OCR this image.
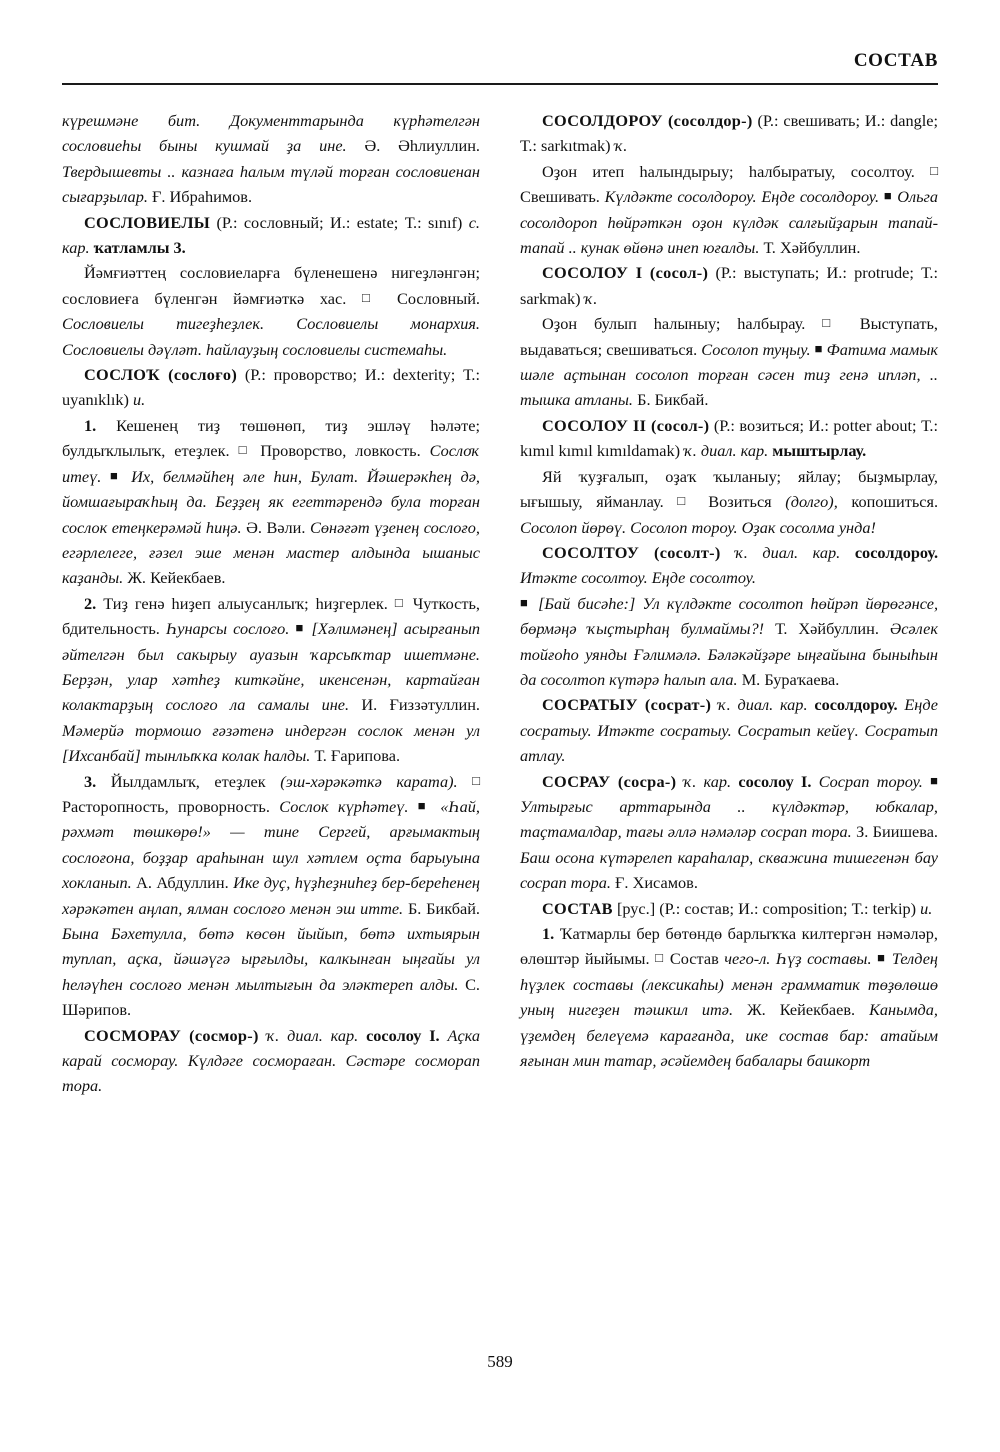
СОСТАВ

күрешмәне бит. Документтарында күрһәтелгән сословиеһы быны кушмай ҙа ине. Ә. Әһлиуллин. Твердышевты .. казнаға һалым түләй торған сословиенан сығарҙылар. Ғ. Ибраһимов.

СОСЛОВИЕЛЫ (Р.: сословный; И.: estate; Т.: sınıf) с. кар. ҡатламлы 3.

Йәмғиәттең сословиеларға бүленешенә нигеҙләнгән; сословиеға бүленгән йәмғиәткә хас. □	Сословный. Сословиелы тигеҙһеҙлек. Сословиелы монархия. Сословиелы дәүләт. һайлауҙың сословиелы системаһы.

СОСЛОҠ (сослоғо) (Р.: проворство; И.: dexterity; Т.: uyanıklık) и.

1. Кешенең тиҙ төшөнөп, тиҙ эшләү һәләте; булдыҡлылыҡ, етеҙлек. □ Проворство, ловкость. Сослоҡ итеү. ■ Их, белмәйһең әле һин, Булат. Йәшерәкһең дә, йомшағыраҡһың да. Беҙҙең як егеттәрендә була торған сослок етеңкерәмәй һиңә. Ә. Вәли. Сөнәғәт үҙенең сослоғо, егәрлелеге, ғәзел эше менән мастер алдында ышаныс каҙанды. Ж. Кейекбаев.

2. Тиҙ генә һиҙеп алыусанлыҡ; һиҙгерлек. □ Чуткость, бдительность. Һунарсы сослоғо. ■ [Хәлимәнең] асырғанып әйтелгән был сакырыу ауазын ҡарсыҡтар ишетмәне. Берҙән, улар хәтһеҙ киткәйне, икенсенән, картайған колактарҙың сослоғо ла самалы ине. И. Ғиззәтуллин. Мәмерйә тормошо ғәзәтенә индергән сослок менән ул [Ихсанбай] тынлыҡка колак һалды. Т. Ғарипова.

3. Йылдамлыҡ, етеҙлек (эш-хәрәкәткә карата). □ Расторопность, проворность. Сослок күрһәтеү. ■ «Һай, рәхмәт төшкөрө!» — тине Сергей, арғымактың сослоғона, боҙҙар араһынан шул хәтлем оҫта барыуына хокланып. А. Абдуллин. Ике дуҫ, һүҙһеҙниһеҙ бер-береһенең хәрәкәтен аңлап, ялман сослоғо менән эш итте. Б. Бикбай. Бына Бәхетулла, бөтә көсөн йыйып, бөтә ихтыярын туплап, аҫка, йәшәүгә ырғылды, калкынған ыңғайы ул һеләүһен сослоғо менән мылтығын да эләктереп алды. С. Шәрипов.

СОСМОРАУ (сосмор-) ҡ. диал. кар. сосолоу I. Аҫка карай сосморау. Күлдәге сосмораған. Сәстәре сосморап тора.

СОСОЛДОРОУ (сосолдор-) (Р.: свешивать; И.: dangle; Т.: sarkıtmak) ҡ.

Оҙон итеп һалындырыу; һалбыратыу, сосолтоу. □ Свешивать. Күлдәкте сосолдороу. Еңде сосолдороу. ■ Ольга сосолдороп һөйрәткән оҙон күлдәк салғыйҙарын тапай-тапай .. кунак өйөнә инеп юғалды. Т. Хәйбуллин.

СОСОЛОУ I (сосол-) (Р.: выступать; И.: protrude; Т.: sarkmak) ҡ.

Оҙон булып һалыныу; һалбырау. □	Выступать, выдаваться; свешиваться. Сосолоп туңыу. ■ Фатима мамык шәле аҫтынан сосолоп торған сәсен тиҙ генә ипләп, .. тышка атланы. Б. Бикбай.

СОСОЛОУ II (сосол-) (Р.: возиться; И.: potter about; Т.: kımıl kımıl kımıldamak) ҡ. диал. кар. мыштырлау.

Яй ҡуҙғалып, оҙаҡ ҡыланыу; яйлау; быҙмырлау, ығышыу, яйманлау. □	Возиться (долго), копошиться. Сосолоп йөрөү. Сосолоп тороу. Оҙак сосолма унда!

СОСОЛТОУ (сосолт-) ҡ. диал. кар. сосолдороу. Итәкте сосолтоу. Еңде сосолтоу.

■ [Бай бисәһе:] Ул күлдәкте сосолтоп һөйрәп йөрөгәнсе, бөрмәңә ҡыҫтырһаң булмаймы?! Т. Хәйбуллин. Әсәлек тойғоһо уянды Ғәлимәлә. Бәләкәйҙәре ыңғайына быныһын да сосолтоп күтәрә һалып ала. М. Бураҡаева.

СОСРАТЫУ (сосрат-) ҡ. диал. кар. сосолдороу. Еңде сосратыу. Итәкте сосратыу. Сосратып кейеү. Сосратып атлау.

СОСРАУ (сосра-) ҡ. кар. сосолоу I. Сосрап тороу. ■ Ултырғыс арттарында .. күлдәктәр, юбкалар, таҫтамалдар, тағы әллә нәмәләр сосрап тора. З. Биишева. Баш осона күтәрелеп караһалар, скважина тишегенән бау сосрап тора. Ғ. Хисамов.

СОСТАВ [рус.] (Р.: состав; И.: composition; Т.: terkip) и.

1. Ҡатмарлы бер бөтөндө барлыҡҡа килтергән нәмәләр, өлөштәр йыйымы. □ Состав чего-л. Һүҙ составы. ■ Телдең һүҙлек составы (лексикаһы) менән грамматик төҙөлөшө уның нигеҙен тәшкил итә. Ж. Кейекбаев. Канымда, үҙемдең белеүемә карағанда, ике состав бар: атайым яғынан мин татар, әсәйемдең бабалары башкорт

589
